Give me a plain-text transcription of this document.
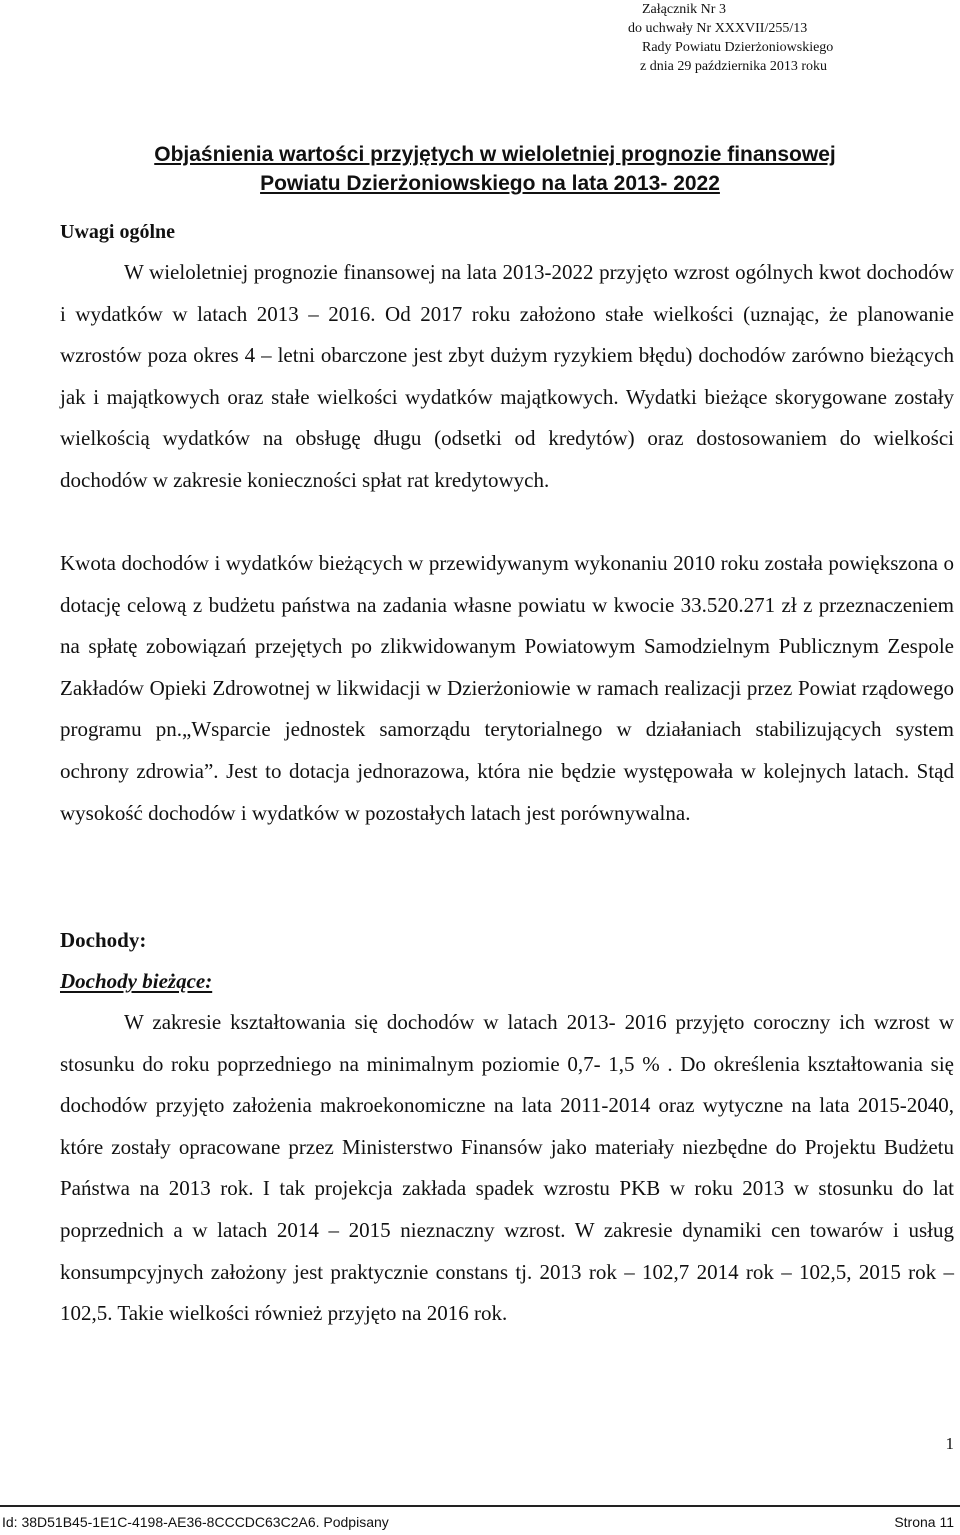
Załącznik Nr 3
do uchwały Nr XXXVII/255/13
Rady Powiatu Dzierżoniowskiego
z dnia 29 października 2013 roku
Objaśnienia wartości przyjętych w wieloletniej prognozie finansowej
Powiatu Dzierżoniowskiego na lata 2013- 2022
Uwagi ogólne

W wieloletniej prognozie finansowej na lata 2013-2022 przyjęto wzrost ogólnych kwot dochodów i wydatków w latach 2013 – 2016. Od 2017 roku założono stałe wielkości (uznając, że planowanie wzrostów poza okres 4 – letni obarczone jest zbyt dużym ryzykiem błędu) dochodów zarówno bieżących jak i majątkowych oraz stałe wielkości wydatków majątkowych. Wydatki bieżące skorygowane zostały wielkością wydatków na obsługę długu (odsetki od kredytów) oraz dostosowaniem do wielkości dochodów w zakresie konieczności spłat rat kredytowych.

Kwota dochodów i wydatków bieżących w przewidywanym wykonaniu 2010 roku została powiększona o dotację celową z budżetu państwa na zadania własne powiatu w kwocie 33.520.271 zł z przeznaczeniem na spłatę zobowiązań przejętych po zlikwidowanym Powiatowym Samodzielnym Publicznym Zespole Zakładów Opieki Zdrowotnej w likwidacji w Dzierżoniowie w ramach realizacji przez Powiat rządowego programu pn.„Wsparcie jednostek samorządu terytorialnego w działaniach stabilizujących system ochrony zdrowia”. Jest to dotacja jednorazowa, która nie będzie występowała w kolejnych latach. Stąd wysokość dochodów i wydatków w pozostałych latach jest porównywalna.

Dochody:
Dochody bieżące:

W zakresie kształtowania się dochodów w latach 2013- 2016 przyjęto coroczny ich wzrost w stosunku do roku poprzedniego na minimalnym poziomie 0,7- 1,5 % . Do określenia kształtowania się dochodów przyjęto założenia makroekonomiczne na lata 2011-2014 oraz wytyczne na lata 2015-2040, które zostały opracowane przez Ministerstwo Finansów jako materiały niezbędne do Projektu Budżetu Państwa na 2013 rok. I tak projekcja zakłada spadek wzrostu PKB w roku 2013 w stosunku do lat poprzednich a w latach 2014 – 2015 nieznaczny wzrost. W zakresie dynamiki cen towarów i usług konsumpcyjnych założony jest praktycznie constans tj. 2013 rok – 102,7 2014 rok – 102,5, 2015 rok – 102,5. Takie wielkości również przyjęto na 2016 rok.

1
Id: 38D51B45-1E1C-4198-AE36-8CCCDC63C2A6. Podpisany	Strona 11
